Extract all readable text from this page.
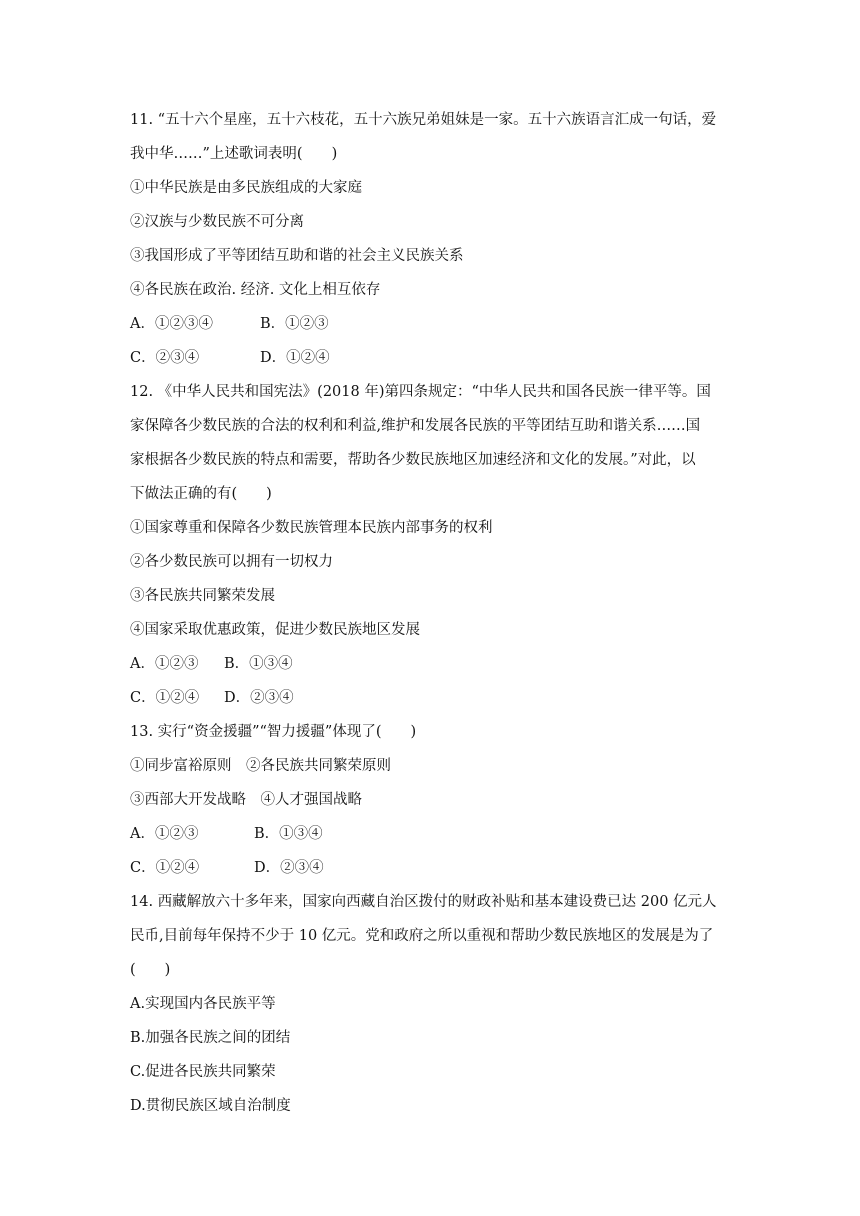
11. “五十六个星座，五十六枝花，五十六族兄弟姐妹是一家。五十六族语言汇成一句话，爱
我中华……”上述歌词表明(　　)
①中华民族是由多民族组成的大家庭
②汉族与少数民族不可分离
③我国形成了平等团结互助和谐的社会主义民族关系
④各民族在政治. 经济. 文化上相互依存
A．①②③④	B．①②③
C．②③④	D．①②④
12. 《中华人民共和国宪法》(2018 年)第四条规定：“中华人民共和国各民族一律平等。国
家保障各少数民族的合法的权利和利益,维护和发展各民族的平等团结互助和谐关系……国
家根据各少数民族的特点和需要，帮助各少数民族地区加速经济和文化的发展。”对此，以
下做法正确的有(　　)
①国家尊重和保障各少数民族管理本民族内部事务的权利
②各少数民族可以拥有一切权力
③各民族共同繁荣发展
④国家采取优惠政策，促进少数民族地区发展
A．①②③ B．①③④
C．①②④ D．②③④
13. 实行“资金援疆”“智力援疆”体现了(　　)
①同步富裕原则　②各民族共同繁荣原则
③西部大开发战略　④人才强国战略
A．①②③	B．①③④
C．①②④	D．②③④
14. 西藏解放六十多年来，国家向西藏自治区拨付的财政补贴和基本建设费已达 200 亿元人
民币,目前每年保持不少于 10 亿元。党和政府之所以重视和帮助少数民族地区的发展是为了
(　　)
A.实现国内各民族平等
B.加强各民族之间的团结
C.促进各民族共同繁荣
D.贯彻民族区域自治制度
